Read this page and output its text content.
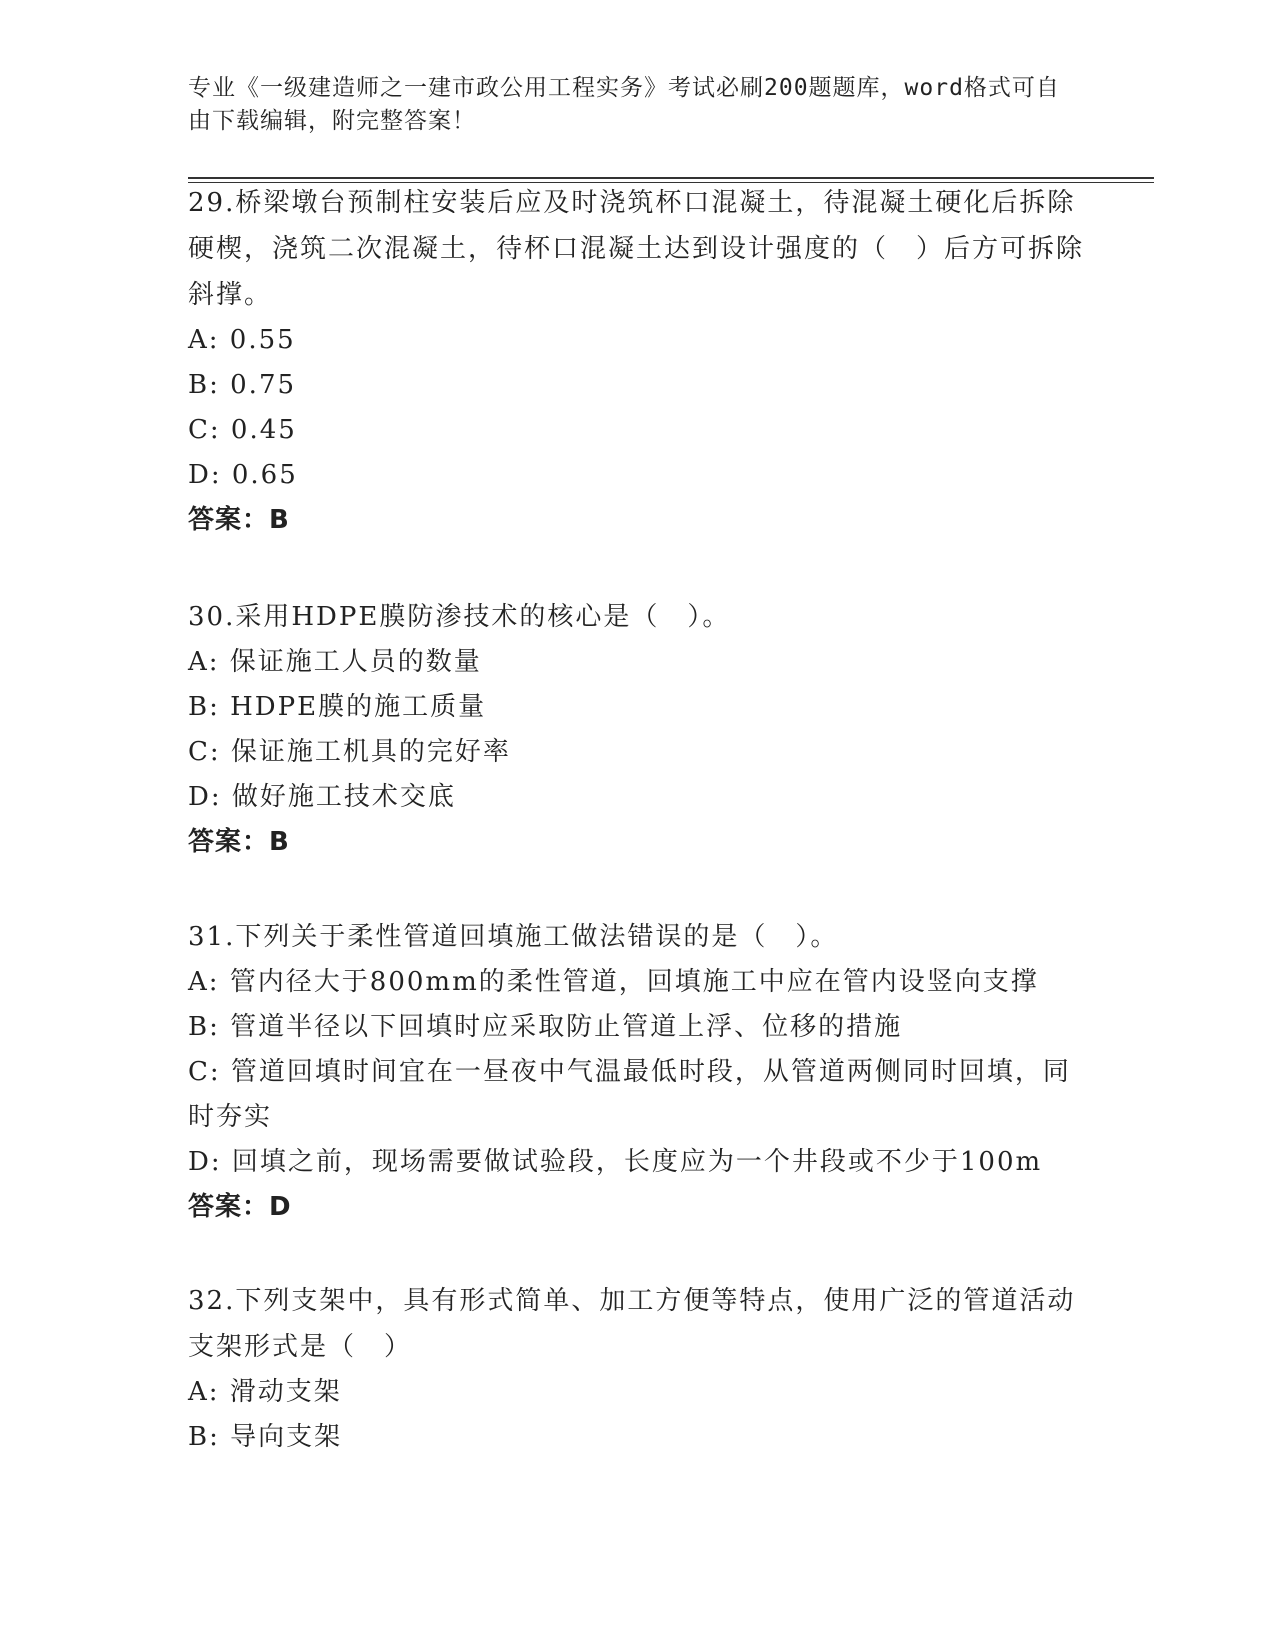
专业《一级建造师之一建市政公用工程实务》考试必刷200题题库，word格式可自由下载编辑，附完整答案！
29.桥梁墩台预制柱安装后应及时浇筑杯口混凝土，待混凝土硬化后拆除硬楔，浇筑二次混凝土，待杯口混凝土达到设计强度的（　）后方可拆除斜撑。
A: 0.55
B: 0.75
C: 0.45
D: 0.65
答案：B
30.采用HDPE膜防渗技术的核心是（　）。
A: 保证施工人员的数量
B: HDPE膜的施工质量
C: 保证施工机具的完好率
D: 做好施工技术交底
答案：B
31.下列关于柔性管道回填施工做法错误的是（　）。
A: 管内径大于800mm的柔性管道，回填施工中应在管内设竖向支撑
B: 管道半径以下回填时应采取防止管道上浮、位移的措施
C: 管道回填时间宜在一昼夜中气温最低时段，从管道两侧同时回填，同时夯实
D: 回填之前，现场需要做试验段，长度应为一个井段或不少于100m
答案：D
32.下列支架中，具有形式简单、加工方便等特点，使用广泛的管道活动支架形式是（　）
A: 滑动支架
B: 导向支架
